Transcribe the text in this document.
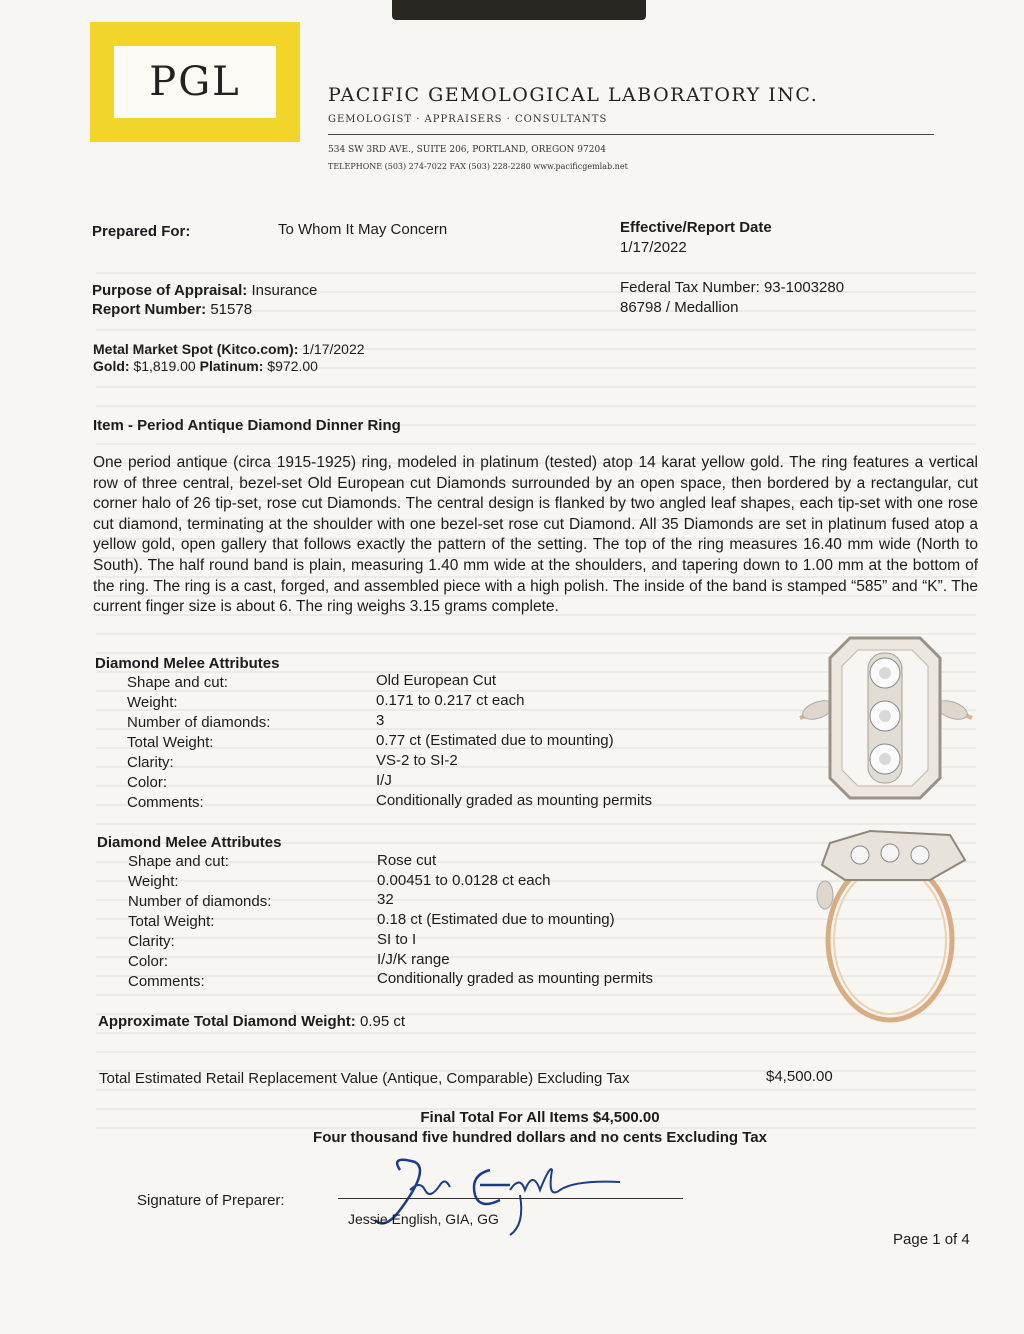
PGL	PACIFIC GEMOLOGICAL LABORATORY INC.
GEMOLOGIST · APPRAISERS · CONSULTANTS
534 SW 3RD AVE., SUITE 206, PORTLAND, OREGON 97204
TELEPHONE (503) 274-7022 FAX (503) 228-2280 www.pacificgemlab.net
Prepared For:	To Whom It May Concern	Effective/Report Date
1/17/2022
Purpose of Appraisal: Insurance
Report Number: 51578
Federal Tax Number: 93-1003280
86798 / Medallion
Metal Market Spot (Kitco.com): 1/17/2022
Gold: $1,819.00 Platinum: $972.00
Item - Period Antique Diamond Dinner Ring
One period antique (circa 1915-1925) ring, modeled in platinum (tested) atop 14 karat yellow gold. The ring features a vertical row of three central, bezel-set Old European cut Diamonds surrounded by an open space, then bordered by a rectangular, cut corner halo of 26 tip-set, rose cut Diamonds. The central design is flanked by two angled leaf shapes, each tip-set with one rose cut diamond, terminating at the shoulder with one bezel-set rose cut Diamond. All 35 Diamonds are set in platinum fused atop a yellow gold, open gallery that follows exactly the pattern of the setting. The top of the ring measures 16.40 mm wide (North to South). The half round band is plain, measuring 1.40 mm wide at the shoulders, and tapering down to 1.00 mm at the bottom of the ring. The ring is a cast, forged, and assembled piece with a high polish. The inside of the band is stamped “585” and “K”. The current finger size is about 6. The ring weighs 3.15 grams complete.
Diamond Melee Attributes
Shape and cut:	Old European Cut
Weight:	0.171 to 0.217 ct each
Number of diamonds:	3
Total Weight:	0.77 ct (Estimated due to mounting)
Clarity:	VS-2 to SI-2
Color:	I/J
Comments:	Conditionally graded as mounting permits
Diamond Melee Attributes
Shape and cut:	Rose cut
Weight:	0.00451 to 0.0128 ct each
Number of diamonds:	32
Total Weight:	0.18 ct (Estimated due to mounting)
Clarity:	SI to I
Color:	I/J/K range
Comments:	Conditionally graded as mounting permits
Approximate Total Diamond Weight: 0.95 ct
Total Estimated Retail Replacement Value (Antique, Comparable) Excluding Tax	$4,500.00
Final Total For All Items $4,500.00
Four thousand five hundred dollars and no cents Excluding Tax
Signature of Preparer:
Jessie English, GIA, GG
Page 1 of 4
